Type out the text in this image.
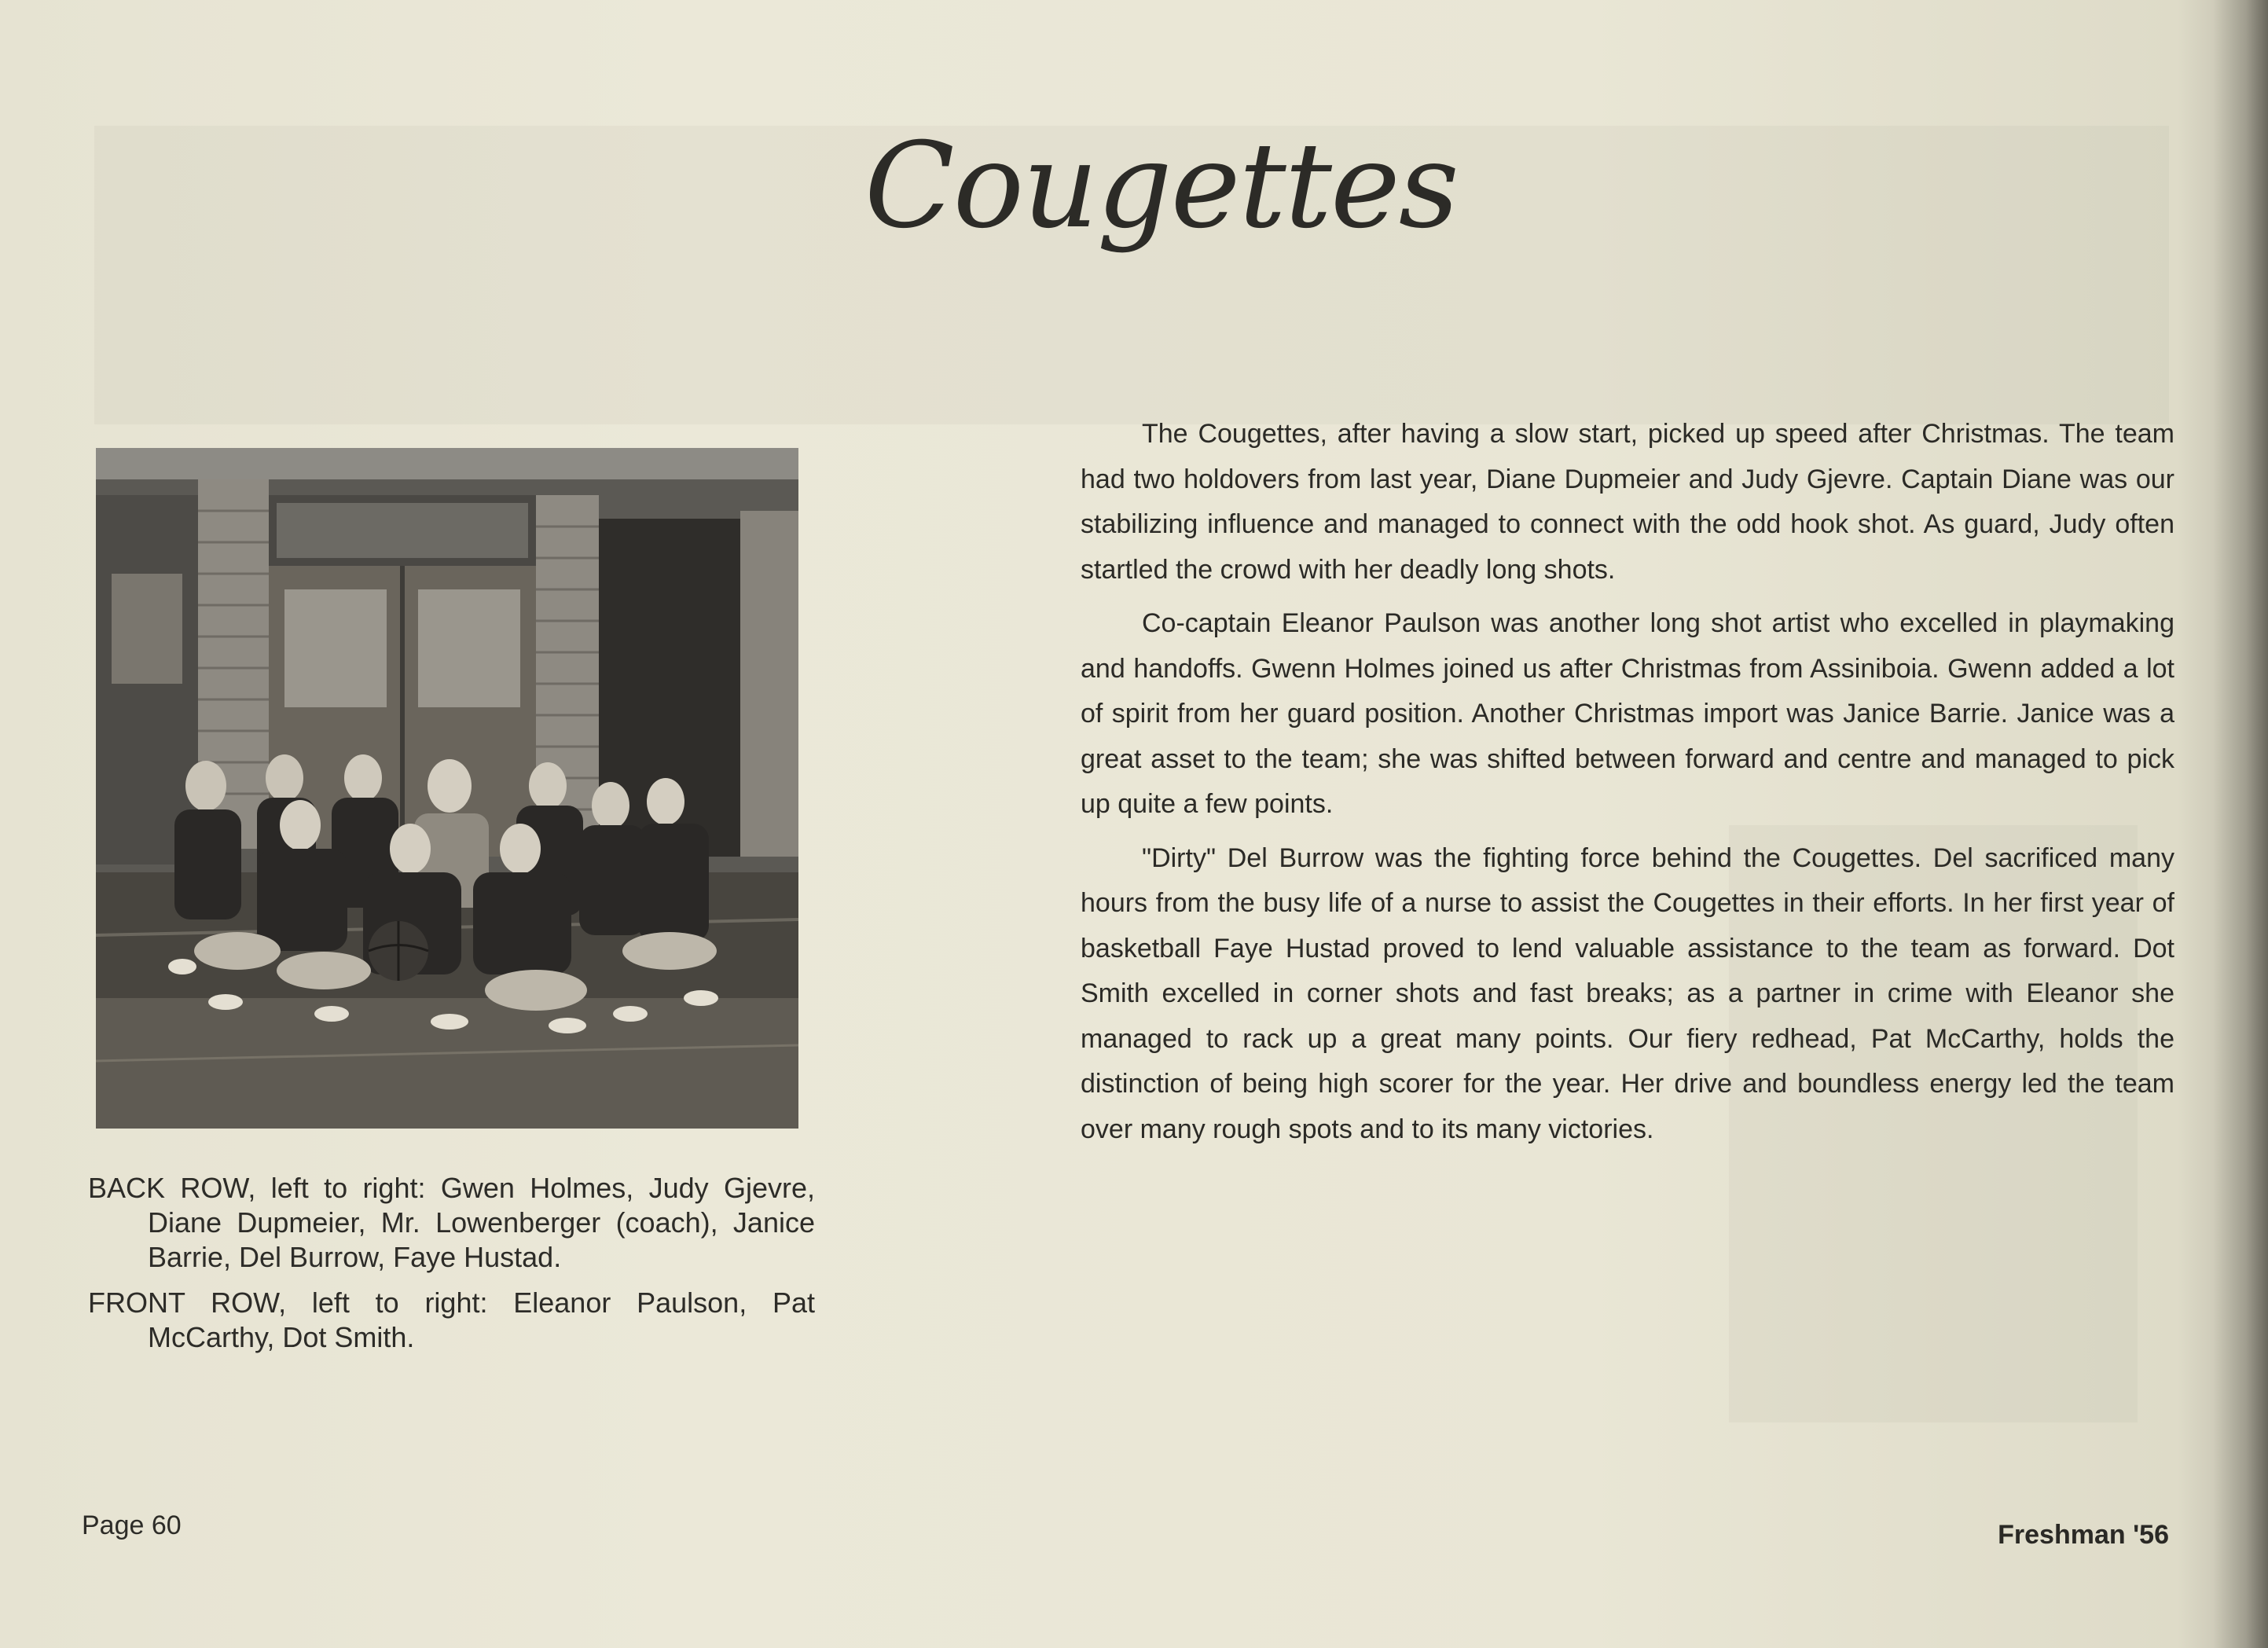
Cougettes

BACK ROW, left to right: Gwen Holmes, Judy Gjevre, Diane Dupmeier, Mr. Lowenberger (coach), Janice Barrie, Del Burrow, Faye Hustad.

FRONT ROW, left to right: Eleanor Paulson, Pat McCarthy, Dot Smith.

The Cougettes, after having a slow start, picked up speed after Christmas. The team had two holdovers from last year, Diane Dupmeier and Judy Gjevre. Captain Diane was our stabilizing influence and managed to connect with the odd hook shot. As guard, Judy often startled the crowd with her deadly long shots.

Co-captain Eleanor Paulson was another long shot artist who excelled in playmaking and handoffs. Gwenn Holmes joined us after Christmas from Assiniboia. Gwenn added a lot of spirit from her guard position. Another Christmas import was Janice Barrie. Janice was a great asset to the team; she was shifted between forward and centre and managed to pick up quite a few points.

"Dirty" Del Burrow was the fighting force behind the Cougettes. Del sacrificed many hours from the busy life of a nurse to assist the Cougettes in their efforts. In her first year of basketball Faye Hustad proved to lend valuable assistance to the team as forward. Dot Smith excelled in corner shots and fast breaks; as a partner in crime with Eleanor she managed to rack up a great many points. Our fiery redhead, Pat McCarthy, holds the distinction of being high scorer for the year. Her drive and boundless energy led the team over many rough spots and to its many victories.

Page 60	Freshman '56
